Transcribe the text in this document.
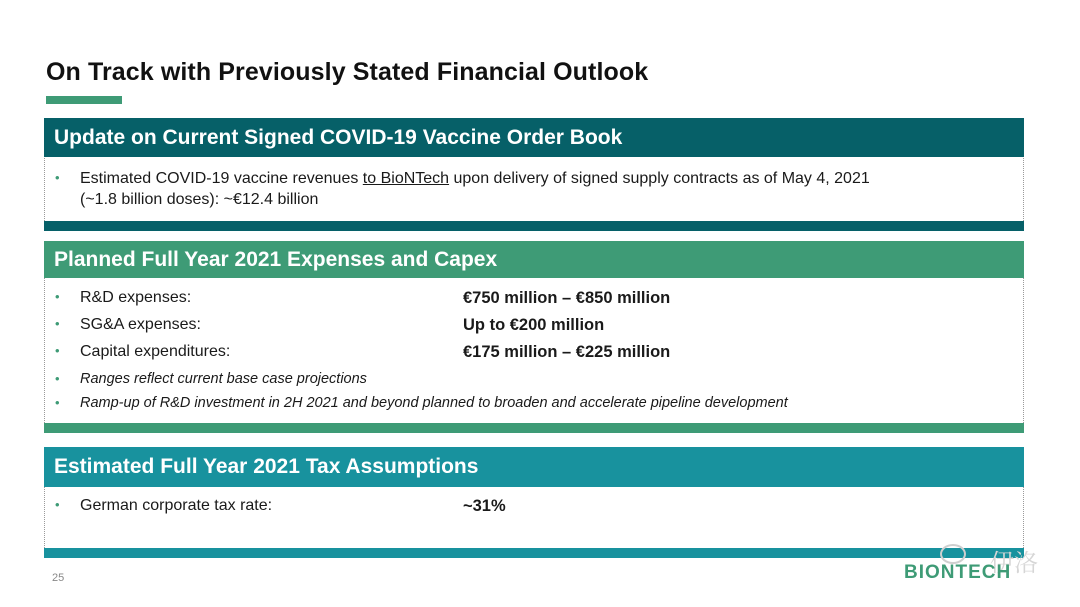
On Track with Previously Stated Financial Outlook
Update on Current Signed COVID-19 Vaccine Order Book
• Estimated COVID-19 vaccine revenues to BioNTech upon delivery of signed supply contracts as of May 4, 2021
(~1.8 billion doses): ~€12.4 billion
Planned Full Year 2021 Expenses and Capex
• R&D expenses:	€750 million – €850 million
• SG&A expenses:	Up to €200 million
• Capital expenditures:	€175 million – €225 million
• Ranges reflect current base case projections
• Ramp-up of R&D investment in 2H 2021 and beyond planned to broaden and accelerate pipeline development
Estimated Full Year 2021 Tax Assumptions
• German corporate tax rate:	~31%
25
伊洛
BIONTECH
